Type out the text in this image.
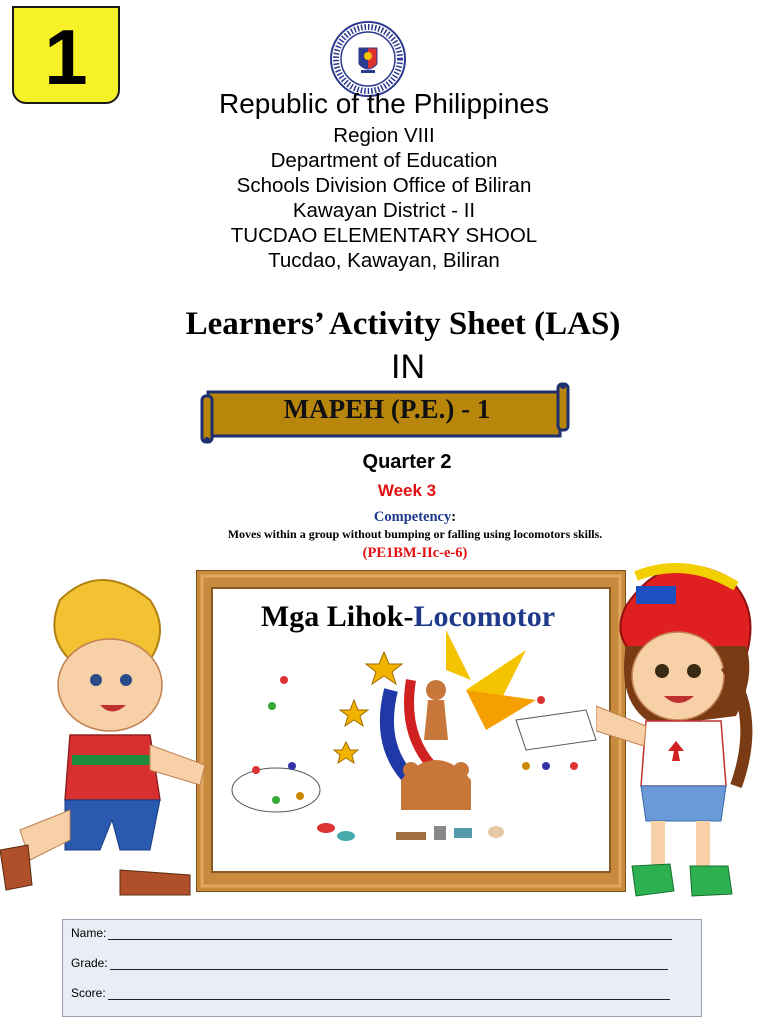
1
Republic of the Philippines
Region VIII
Department of Education
Schools Division Office of Biliran
Kawayan District - II
TUCDAO ELEMENTARY SHOOL
Tucdao, Kawayan, Biliran
Learners’ Activity Sheet (LAS)
IN
MAPEH (P.E.) - 1
Quarter 2
Week 3
Competency:
Moves within a group without bumping or falling using locomotors skills.
(PE1BM-IIc-e-6)
Mga Lihok-Locomotor
Name:
Grade:
Score:
